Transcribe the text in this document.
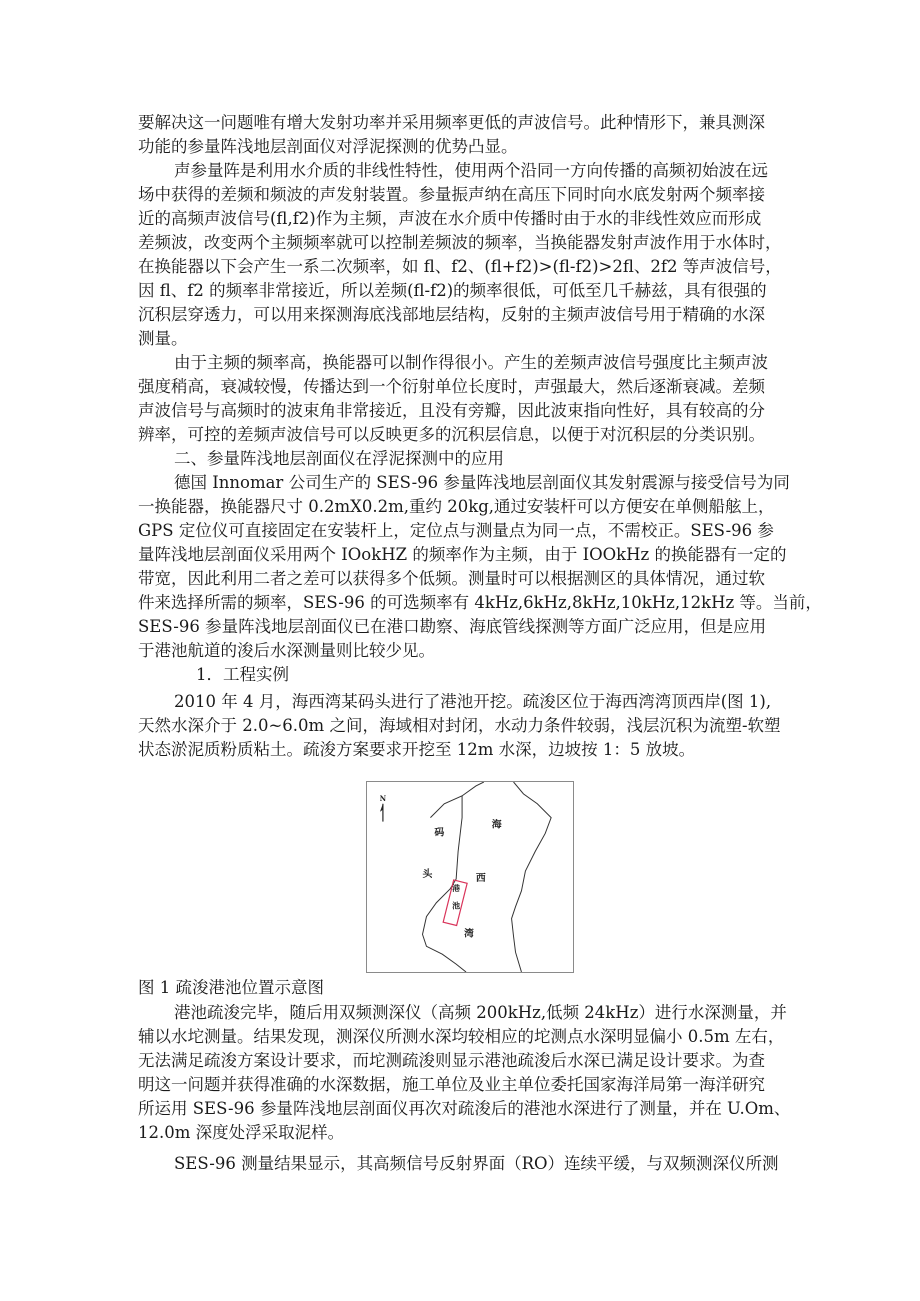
要解决这一问题唯有增大发射功率并采用频率更低的声波信号。此种情形下，兼具测深
功能的参量阵浅地层剖面仪对浮泥探测的优势凸显。
声参量阵是利用水介质的非线性特性，使用两个沿同一方向传播的高频初始波在远
场中获得的差频和频波的声发射装置。参量振声纳在高压下同时向水底发射两个频率接
近的高频声波信号(fl,f2)作为主频，声波在水介质中传播时由于水的非线性效应而形成
差频波，改变两个主频频率就可以控制差频波的频率，当换能器发射声波作用于水体时，
在换能器以下会产生一系二次频率，如 fl、f2、(fl+f2)>(fl-f2)>2fl、2f2 等声波信号，
因 fl、f2 的频率非常接近，所以差频(fl-f2)的频率很低，可低至几千赫兹，具有很强的
沉积层穿透力，可以用来探测海底浅部地层结构，反射的主频声波信号用于精确的水深
测量。
由于主频的频率高，换能器可以制作得很小。产生的差频声波信号强度比主频声波
强度稍高，衰减较慢，传播达到一个衍射单位长度时，声强最大，然后逐渐衰减。差频
声波信号与高频时的波束角非常接近，且没有旁瓣，因此波束指向性好，具有较高的分
辨率，可控的差频声波信号可以反映更多的沉积层信息，以便于对沉积层的分类识别。
二、参量阵浅地层剖面仪在浮泥探测中的应用
德国 Innomar 公司生产的 SES-96 参量阵浅地层剖面仪其发射震源与接受信号为同
一换能器，换能器尺寸 0.2mX0.2m,重约 20kg,通过安装杆可以方便安在单侧船舷上，
GPS 定位仪可直接固定在安装杆上，定位点与测量点为同一点，不需校正。SES-96 参
量阵浅地层剖面仪采用两个 IOokHZ 的频率作为主频，由于 IOOkHz 的换能器有一定的
带宽，因此利用二者之差可以获得多个低频。测量时可以根据测区的具体情况，通过软
件来选择所需的频率，SES-96 的可选频率有 4kHz,6kHz,8kHz,10kHz,12kHz 等。当前，
SES-96 参量阵浅地层剖面仪已在港口勘察、海底管线探测等方面广泛应用，但是应用
于港池航道的浚后水深测量则比较少见。
1．工程实例
2010 年 4 月，海西湾某码头进行了港池开挖。疏浚区位于海西湾湾顶西岸(图 1),
天然水深介于 2.0~6.0m 之间，海域相对封闭，水动力条件较弱，浅层沉积为流塑-软塑
状态淤泥质粉质粘土。疏浚方案要求开挖至 12m 水深，边坡按 1：5 放坡。
N
码
海
头	西
港
池
湾
图 1 疏浚港池位置示意图
港池疏浚完毕，随后用双频测深仪（高频 200kHz,低频 24kHz）进行水深测量，并
辅以水坨测量。结果发现，测深仪所测水深均较相应的坨测点水深明显偏小 0.5m 左右，
无法满足疏浚方案设计要求，而坨测疏浚则显示港池疏浚后水深已满足设计要求。为查
明这一问题并获得准确的水深数据，施工单位及业主单位委托国家海洋局第一海洋研究
所运用 SES-96 参量阵浅地层剖面仪再次对疏浚后的港池水深进行了测量，并在 U.Om、
12.0m 深度处浮采取泥样。
SES-96 测量结果显示，其高频信号反射界面（RO）连续平缓，与双频测深仪所测
